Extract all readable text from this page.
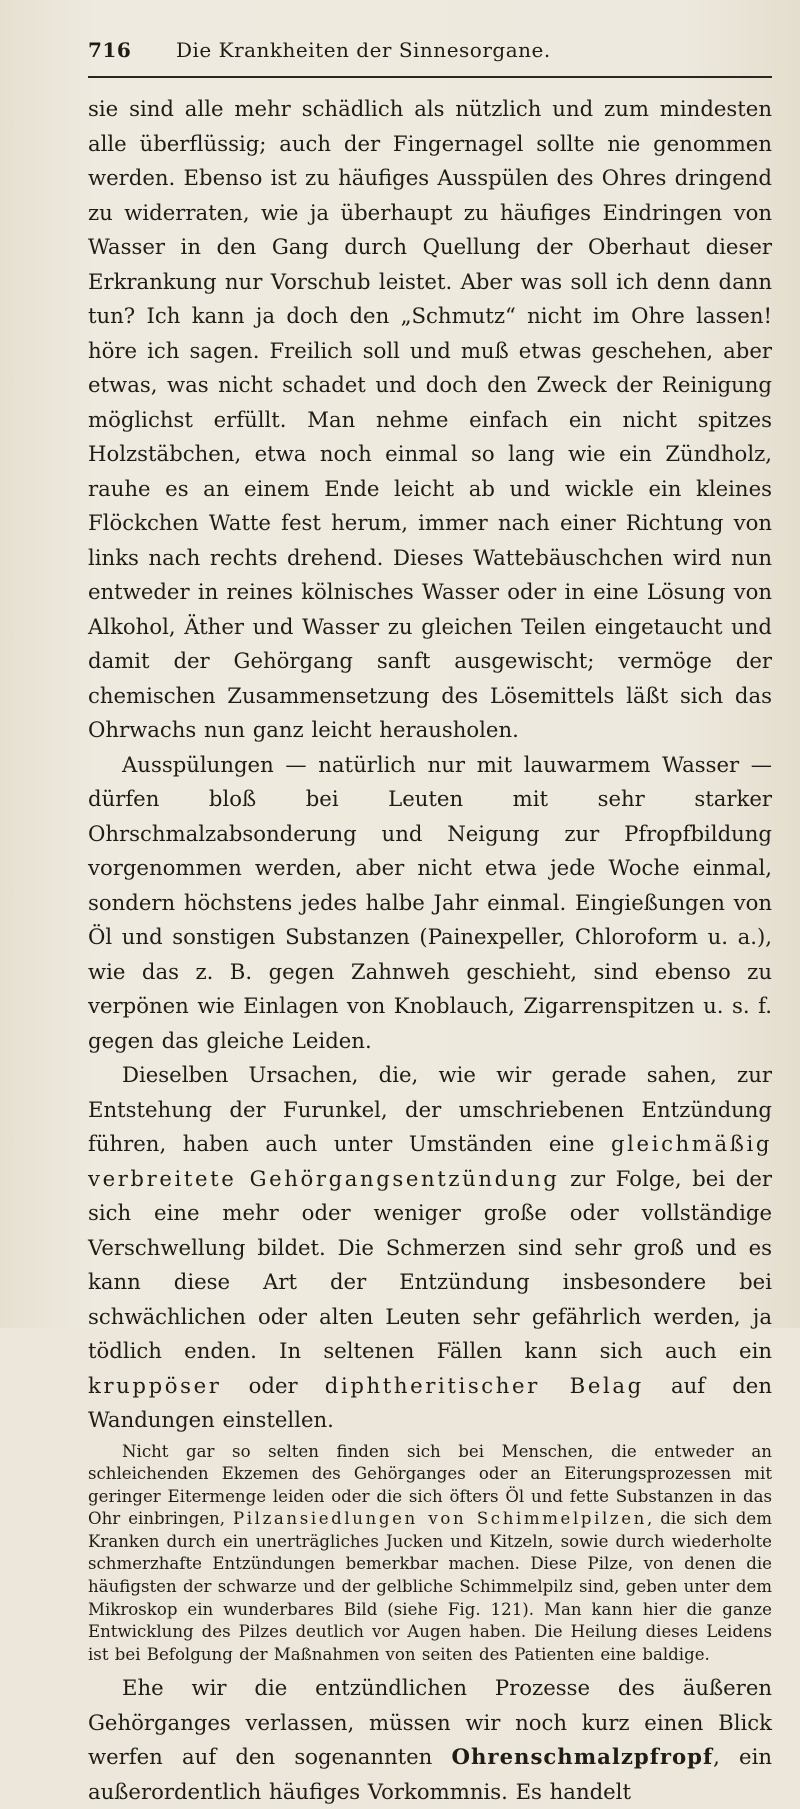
716	Die Krankheiten der Sinnesorgane.

sie sind alle mehr schädlich als nützlich und zum mindesten alle überflüssig; auch der Fingernagel sollte nie genommen werden. Ebenso ist zu häufiges Ausspülen des Ohres dringend zu widerraten, wie ja überhaupt zu häufiges Eindringen von Wasser in den Gang durch Quellung der Oberhaut dieser Erkrankung nur Vorschub leistet. Aber was soll ich denn dann tun? Ich kann ja doch den „Schmutz“ nicht im Ohre lassen! höre ich sagen. Freilich soll und muß etwas geschehen, aber etwas, was nicht schadet und doch den Zweck der Reinigung möglichst erfüllt. Man nehme einfach ein nicht spitzes Holzstäbchen, etwa noch einmal so lang wie ein Zündholz, rauhe es an einem Ende leicht ab und wickle ein kleines Flöckchen Watte fest herum, immer nach einer Richtung von links nach rechts drehend. Dieses Wattebäuschchen wird nun entweder in reines kölnisches Wasser oder in eine Lösung von Alkohol, Äther und Wasser zu gleichen Teilen eingetaucht und damit der Gehörgang sanft ausgewischt; vermöge der chemischen Zusammensetzung des Lösemittels läßt sich das Ohrwachs nun ganz leicht herausholen.

Ausspülungen — natürlich nur mit lauwarmem Wasser — dürfen bloß bei Leuten mit sehr starker Ohrschmalzabsonderung und Neigung zur Pfropfbildung vorgenommen werden, aber nicht etwa jede Woche einmal, sondern höchstens jedes halbe Jahr einmal. Eingießungen von Öl und sonstigen Substanzen (Painexpeller, Chloroform u. a.), wie das z. B. gegen Zahnweh geschieht, sind ebenso zu verpönen wie Einlagen von Knoblauch, Zigarrenspitzen u. s. f. gegen das gleiche Leiden.

Dieselben Ursachen, die, wie wir gerade sahen, zur Entstehung der Furunkel, der umschriebenen Entzündung führen, haben auch unter Umständen eine gleichmäßig verbreitete Gehörgangsentzündung zur Folge, bei der sich eine mehr oder weniger große oder vollständige Verschwellung bildet. Die Schmerzen sind sehr groß und es kann diese Art der Entzündung insbesondere bei schwächlichen oder alten Leuten sehr gefährlich werden, ja tödlich enden. In seltenen Fällen kann sich auch ein kruppöser oder diphtheritischer Belag auf den Wandungen einstellen.

Nicht gar so selten finden sich bei Menschen, die entweder an schleichenden Ekzemen des Gehörganges oder an Eiterungsprozessen mit geringer Eitermenge leiden oder die sich öfters Öl und fette Substanzen in das Ohr einbringen, Pilzansiedlungen von Schimmelpilzen, die sich dem Kranken durch ein unerträgliches Jucken und Kitzeln, sowie durch wiederholte schmerzhafte Entzündungen bemerkbar machen. Diese Pilze, von denen die häufigsten der schwarze und der gelbliche Schimmelpilz sind, geben unter dem Mikroskop ein wunderbares Bild (siehe Fig. 121). Man kann hier die ganze Entwicklung des Pilzes deutlich vor Augen haben. Die Heilung dieses Leidens ist bei Befolgung der Maßnahmen von seiten des Patienten eine baldige.

Ehe wir die entzündlichen Prozesse des äußeren Gehörganges verlassen, müssen wir noch kurz einen Blick werfen auf den sogenannten Ohrenschmalzpfropf, ein außerordentlich häufiges Vorkommnis. Es handelt
